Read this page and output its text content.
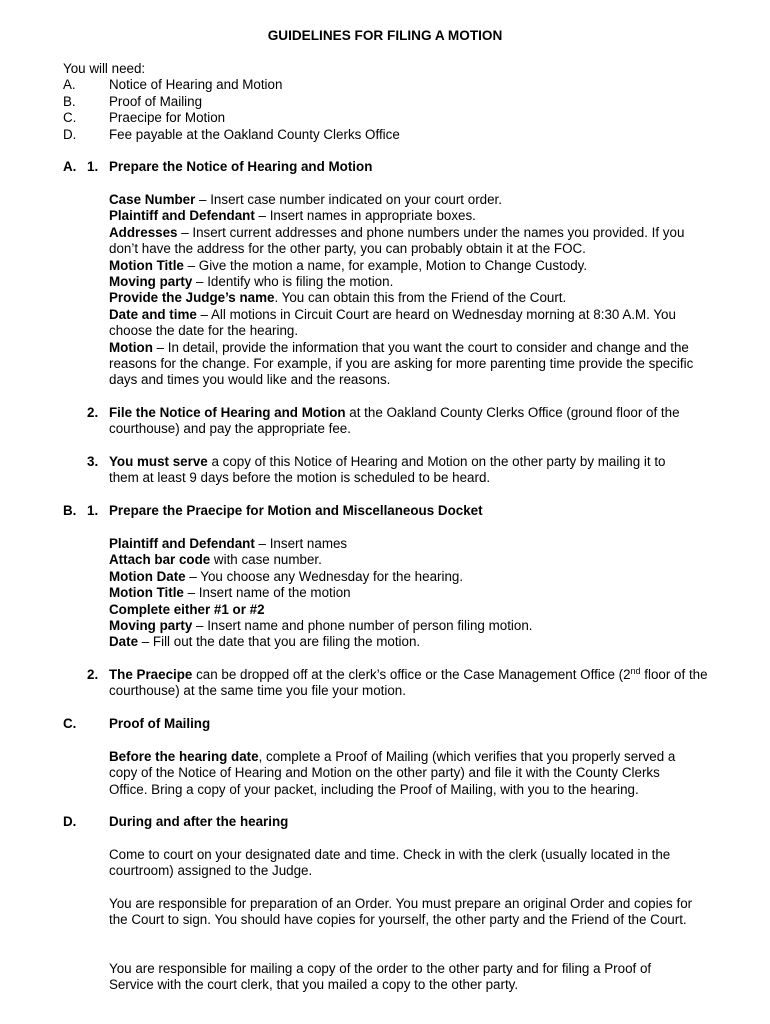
GUIDELINES FOR FILING A MOTION

You will need:

A.	Notice of Hearing and Motion
B.	Proof of Mailing
C.	Praecipe for Motion
D.	Fee payable at the Oakland County Clerks Office
A. 1. Prepare the Notice of Hearing and Motion

Case Number – Insert case number indicated on your court order.

Plaintiff and Defendant – Insert names in appropriate boxes.

Addresses – Insert current addresses and phone numbers under the names you provided. If you don’t have the address for the other party, you can probably obtain it at the FOC.

Motion Title – Give the motion a name, for example, Motion to Change Custody.

Moving party – Identify who is filing the motion.

Provide the Judge’s name. You can obtain this from the Friend of the Court.

Date and time – All motions in Circuit Court are heard on Wednesday morning at 8:30 A.M. You choose the date for the hearing.

Motion – In detail, provide the information that you want the court to consider and change and the reasons for the change. For example, if you are asking for more parenting time provide the specific days and times you would like and the reasons.

2. File the Notice of Hearing and Motion at the Oakland County Clerks Office (ground floor of the courthouse) and pay the appropriate fee.

3. You must serve a copy of this Notice of Hearing and Motion on the other party by mailing it to them at least 9 days before the motion is scheduled to be heard.

B. 1. Prepare the Praecipe for Motion and Miscellaneous Docket

Plaintiff and Defendant – Insert names

Attach bar code with case number.

Motion Date – You choose any Wednesday for the hearing.

Motion Title – Insert name of the motion

Complete either #1 or #2

Moving party – Insert name and phone number of person filing motion.

Date – Fill out the date that you are filing the motion.

2. The Praecipe can be dropped off at the clerk’s office or the Case Management Office (2nd floor of the courthouse) at the same time you file your motion.

C. Proof of Mailing

Before the hearing date, complete a Proof of Mailing (which verifies that you properly served a copy of the Notice of Hearing and Motion on the other party) and file it with the County Clerks Office. Bring a copy of your packet, including the Proof of Mailing, with you to the hearing.

D. During and after the hearing

Come to court on your designated date and time. Check in with the clerk (usually located in the courtroom) assigned to the Judge.

You are responsible for preparation of an Order. You must prepare an original Order and copies for the Court to sign. You should have copies for yourself, the other party and the Friend of the Court.

You are responsible for mailing a copy of the order to the other party and for filing a Proof of Service with the court clerk, that you mailed a copy to the other party.
